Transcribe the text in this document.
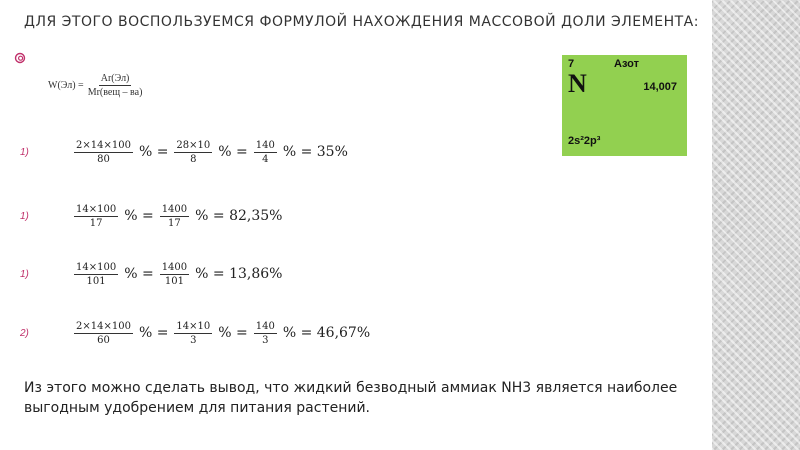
ДЛЯ ЭТОГО ВОСПОЛЬЗУЕМСЯ ФОРМУЛОЙ НАХОЖДЕНИЯ МАССОВОЙ ДОЛИ ЭЛЕМЕНТА:
$W(Эл) = \frac{Ar(Эл)}{\text{Mr(вещ – ва)}}$
1)	$\frac{2\times 14\times 100}{80}$ % = $\frac{28\times 10}{8}$ % = $\frac{140}{4}$ % = 35%
1)	$\frac{14\times 100}{17}$ % = $\frac{1400}{17}$ % = 82,35%
1)	$\frac{14\times 100}{101}$ % = $\frac{1400}{101}$ % = 13,86%
2)	$\frac{2\times 14\times 100}{60}$ % = $\frac{14\times 10}{3}$ % = $\frac{140}{3}$ % = 46,67%
7	Азот
N	14,007
2s²2p³
Из этого можно сделать вывод, что жидкий безводный аммиак NH3 является наиболее выгодным удобрением для питания растений.
